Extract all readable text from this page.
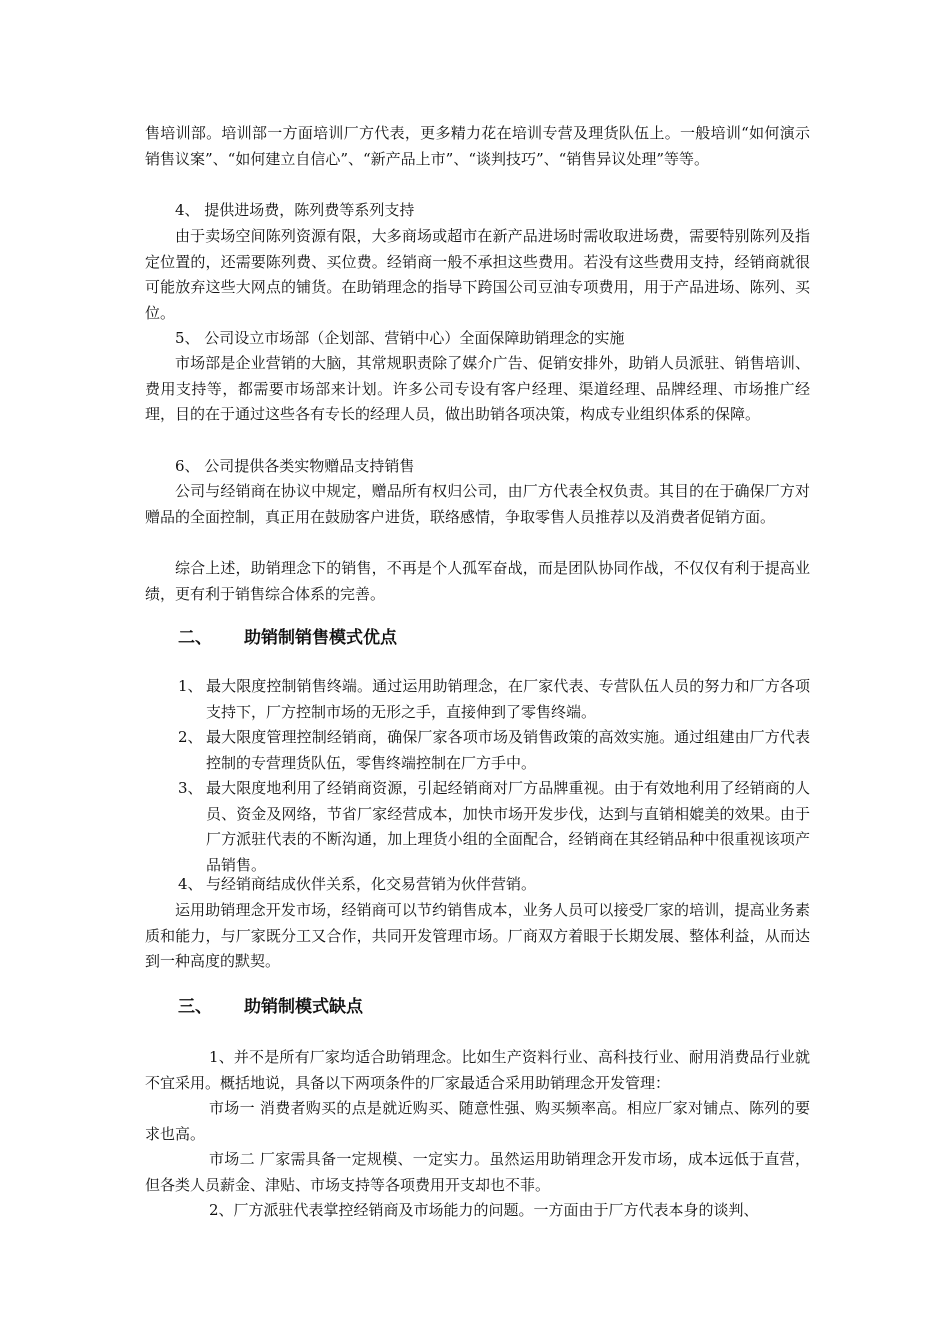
售培训部。培训部一方面培训厂方代表，更多精力花在培训专营及理货队伍上。一般培训“如何演示销售议案”、“如何建立自信心”、“新产品上市”、“谈判技巧”、“销售异议处理”等等。

4、 提供进场费，陈列费等系列支持

由于卖场空间陈列资源有限，大多商场或超市在新产品进场时需收取进场费，需要特别陈列及指定位置的，还需要陈列费、买位费。经销商一般不承担这些费用。若没有这些费用支持，经销商就很可能放弃这些大网点的铺货。在助销理念的指导下跨国公司豆油专项费用，用于产品进场、陈列、买位。

5、 公司设立市场部（企划部、营销中心）全面保障助销理念的实施

市场部是企业营销的大脑，其常规职责除了媒介广告、促销安排外，助销人员派驻、销售培训、费用支持等，都需要市场部来计划。许多公司专设有客户经理、渠道经理、品牌经理、市场推广经理，目的在于通过这些各有专长的经理人员，做出助销各项决策，构成专业组织体系的保障。

6、 公司提供各类实物赠品支持销售

公司与经销商在协议中规定，赠品所有权归公司，由厂方代表全权负责。其目的在于确保厂方对赠品的全面控制，真正用在鼓励客户进货，联络感情，争取零售人员推荐以及消费者促销方面。

综合上述，助销理念下的销售，不再是个人孤军奋战，而是团队协同作战，不仅仅有利于提高业绩，更有利于销售综合体系的完善。

二、 助销制销售模式优点
1、 最大限度控制销售终端。通过运用助销理念，在厂家代表、专营队伍人员的努力和厂方各项支持下，厂方控制市场的无形之手，直接伸到了零售终端。
2、 最大限度管理控制经销商，确保厂家各项市场及销售政策的高效实施。通过组建由厂方代表控制的专营理货队伍，零售终端控制在厂方手中。
3、 最大限度地利用了经销商资源，引起经销商对厂方品牌重视。由于有效地利用了经销商的人员、资金及网络，节省厂家经营成本，加快市场开发步伐，达到与直销相媲美的效果。由于厂方派驻代表的不断沟通，加上理货小组的全面配合，经销商在其经销品种中很重视该项产品销售。
4、 与经销商结成伙伴关系，化交易营销为伙伴营销。

运用助销理念开发市场，经销商可以节约销售成本，业务人员可以接受厂家的培训，提高业务素质和能力，与厂家既分工又合作，共同开发管理市场。厂商双方着眼于长期发展、整体利益，从而达到一种高度的默契。

三、 助销制模式缺点

1、并不是所有厂家均适合助销理念。比如生产资料行业、高科技行业、耐用消费品行业就不宜采用。概括地说，具备以下两项条件的厂家最适合采用助销理念开发管理：

市场一 消费者购买的点是就近购买、随意性强、购买频率高。相应厂家对铺点、陈列的要求也高。

市场二 厂家需具备一定规模、一定实力。虽然运用助销理念开发市场，成本远低于直营，但各类人员薪金、津贴、市场支持等各项费用开支却也不菲。

2、厂方派驻代表掌控经销商及市场能力的问题。一方面由于厂方代表本身的谈判、
